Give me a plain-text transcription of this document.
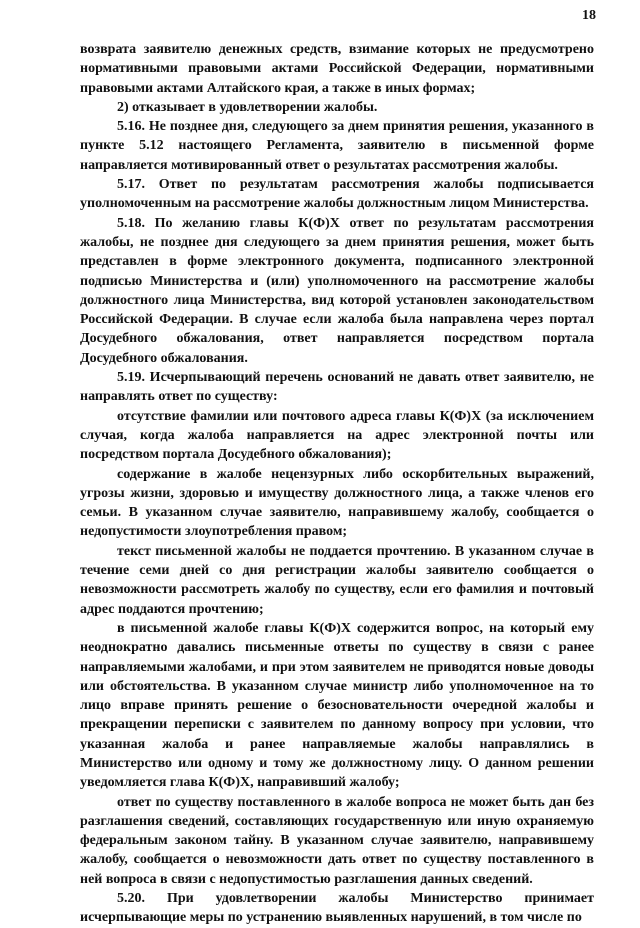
18

возврата заявителю денежных средств, взимание которых не предусмотрено нормативными правовыми актами Российской Федерации, нормативными правовыми актами Алтайского края, а также в иных формах;

2) отказывает в удовлетворении жалобы.

5.16. Не позднее дня, следующего за днем принятия решения, указанного в пункте 5.12 настоящего Регламента, заявителю в письменной форме направляется мотивированный ответ о результатах рассмотрения жалобы.

5.17. Ответ по результатам рассмотрения жалобы подписывается уполномоченным на рассмотрение жалобы должностным лицом Министерства.

5.18. По желанию главы К(Ф)Х ответ по результатам рассмотрения жалобы, не позднее дня следующего за днем принятия решения, может быть представлен в форме электронного документа, подписанного электронной подписью Министерства и (или) уполномоченного на рассмотрение жалобы должностного лица Министерства, вид которой установлен законодательством Российской Федерации. В случае если жалоба была направлена через портал Досудебного обжалования, ответ направляется посредством портала Досудебного обжалования.

5.19. Исчерпывающий перечень оснований не давать ответ заявителю, не направлять ответ по существу:

отсутствие фамилии или почтового адреса главы К(Ф)Х (за исключением случая, когда жалоба направляется на адрес электронной почты или посредством портала Досудебного обжалования);

содержание в жалобе нецензурных либо оскорбительных выражений, угрозы жизни, здоровью и имуществу должностного лица, а также членов его семьи. В указанном случае заявителю, направившему жалобу, сообщается о недопустимости злоупотребления правом;

текст письменной жалобы не поддается прочтению. В указанном случае в течение семи дней со дня регистрации жалобы заявителю сообщается о невозможности рассмотреть жалобу по существу, если его фамилия и почтовый адрес поддаются прочтению;

в письменной жалобе главы К(Ф)Х содержится вопрос, на который ему неоднократно давались письменные ответы по существу в связи с ранее направляемыми жалобами, и при этом заявителем не приводятся новые доводы или обстоятельства. В указанном случае министр либо уполномоченное на то лицо вправе принять решение о безосновательности очередной жалобы и прекращении переписки с заявителем по данному вопросу при условии, что указанная жалоба и ранее направляемые жалобы направлялись в Министерство или одному и тому же должностному лицу. О данном решении уведомляется глава К(Ф)Х, направивший жалобу;

ответ по существу поставленного в жалобе вопроса не может быть дан без разглашения сведений, составляющих государственную или иную охраняемую федеральным законом тайну. В указанном случае заявителю, направившему жалобу, сообщается о невозможности дать ответ по существу поставленного в ней вопроса в связи с недопустимостью разглашения данных сведений.

5.20. При удовлетворении жалобы Министерство принимает исчерпывающие меры по устранению выявленных нарушений, в том числе по
